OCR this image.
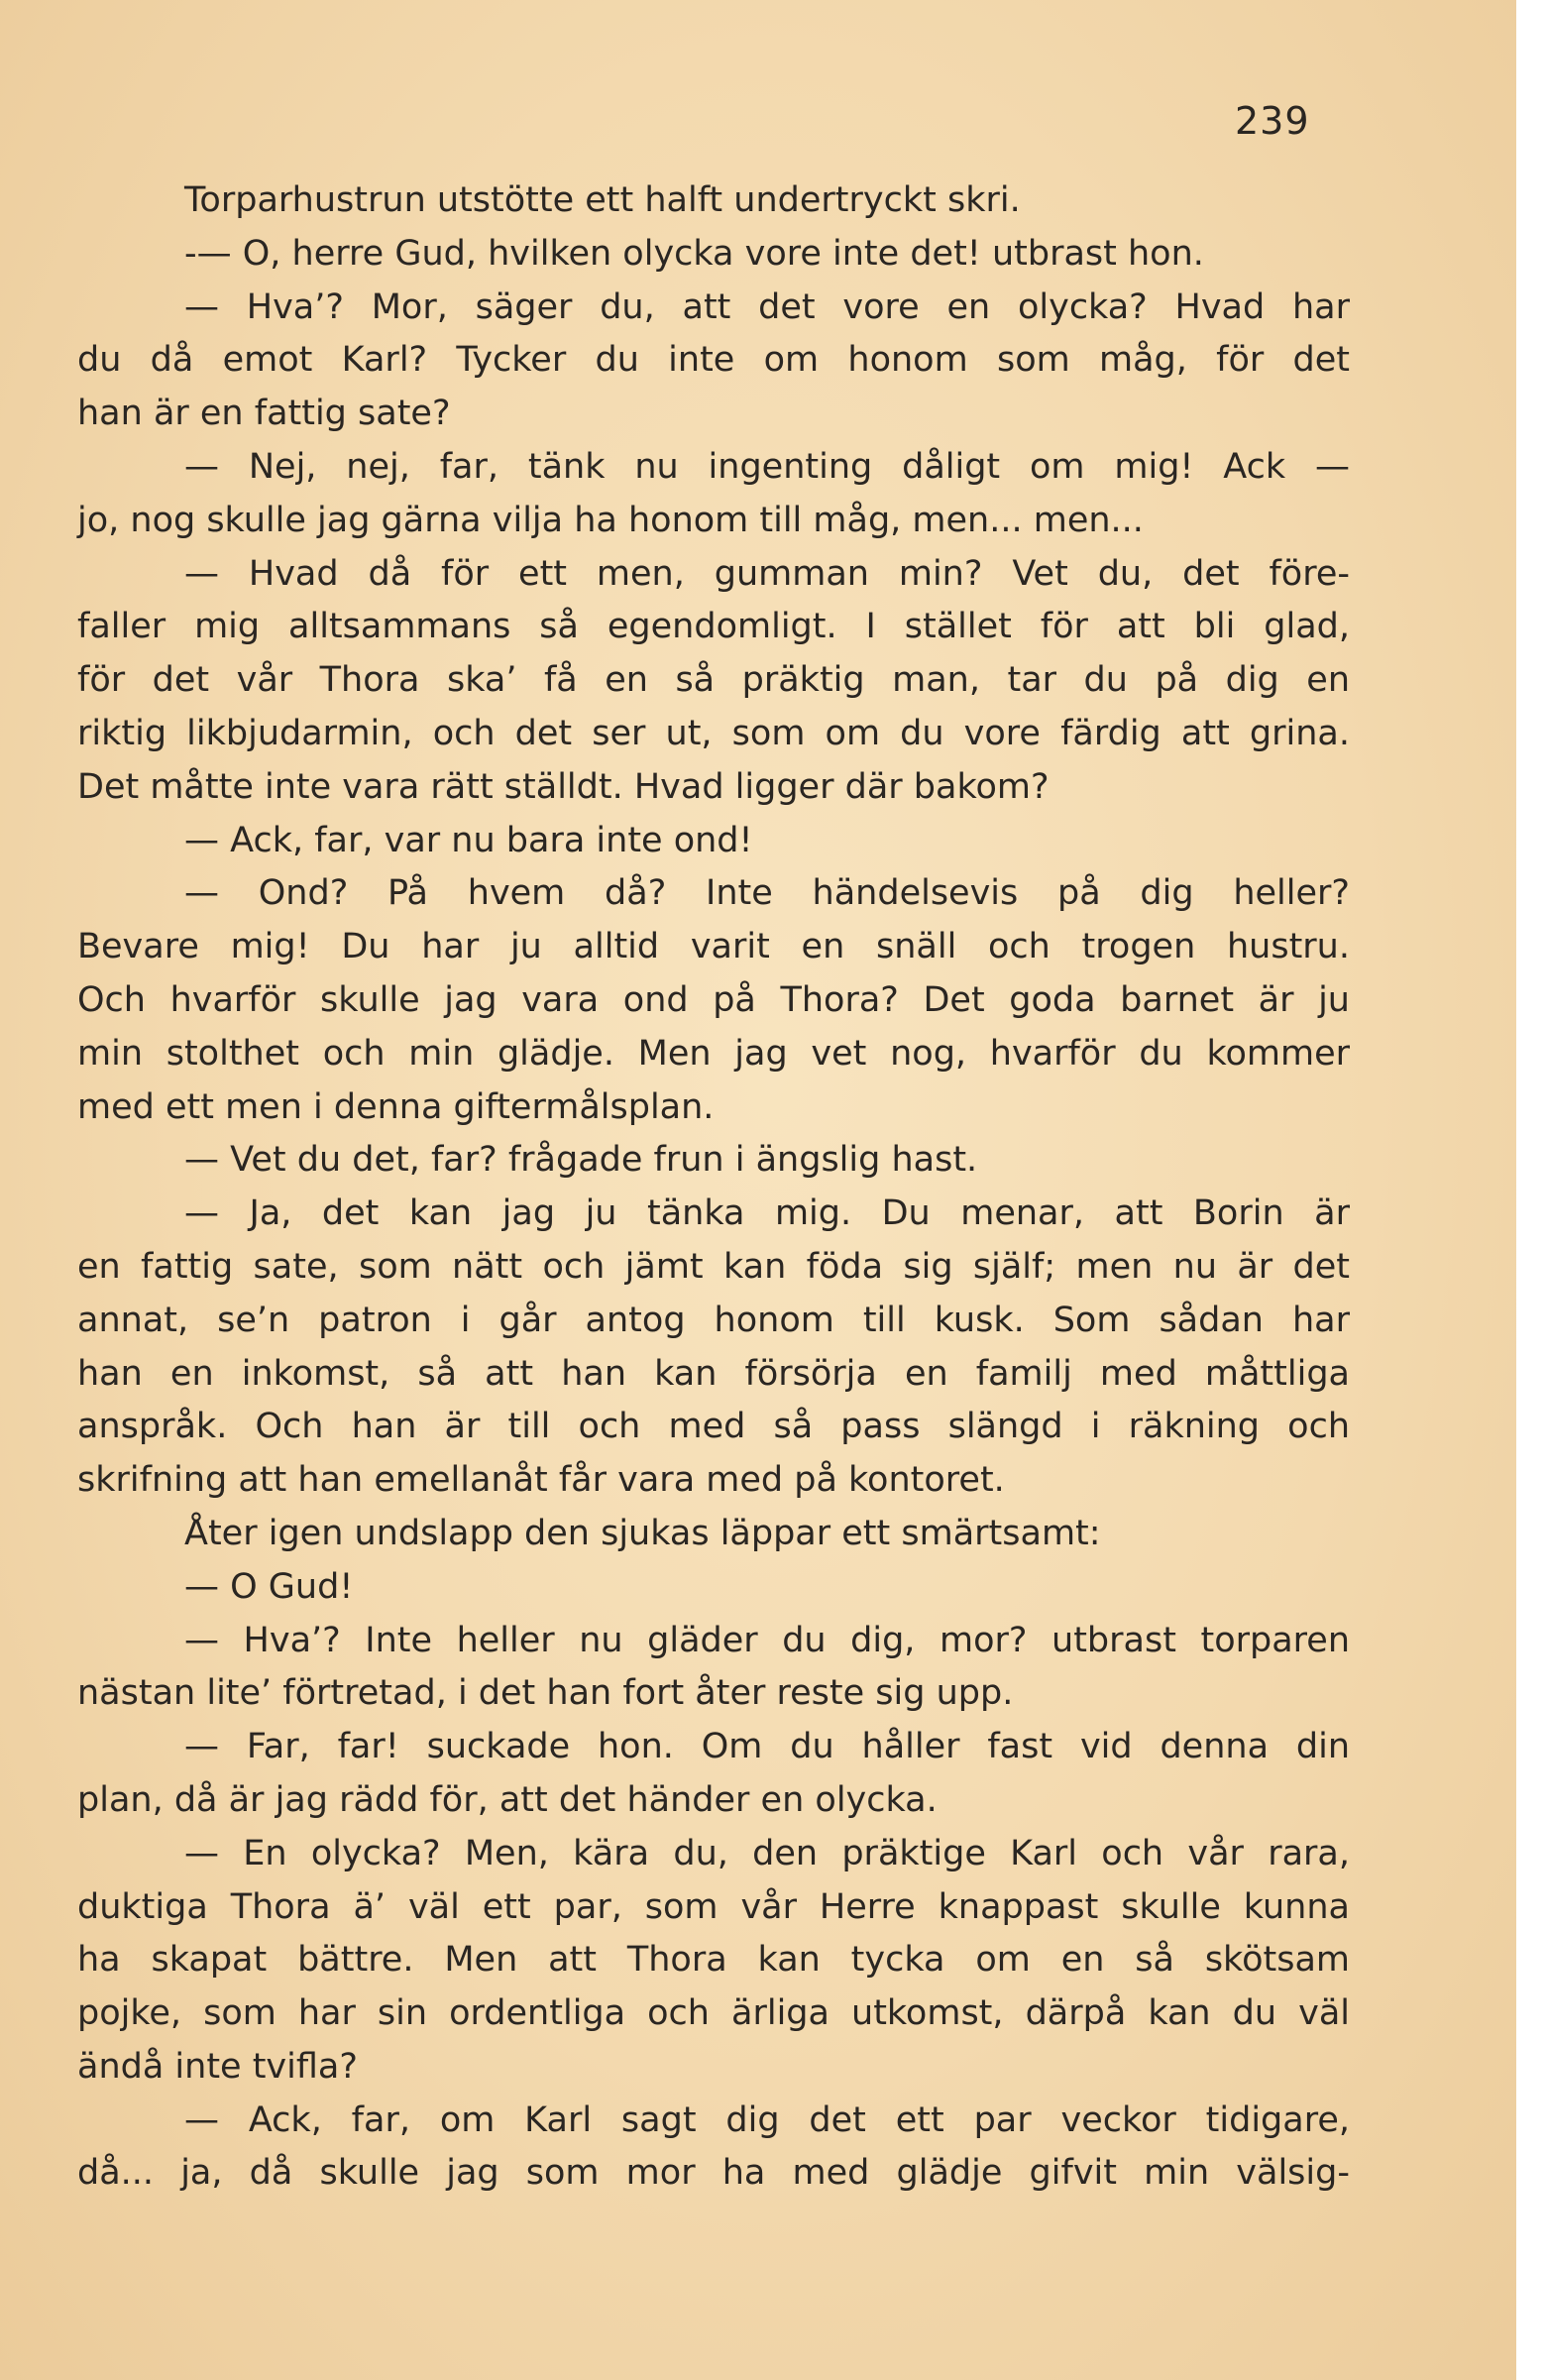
239
Torparhustrun utstötte ett halft undertryckt skri.
-— O, herre Gud, hvilken olycka vore inte det! utbrast hon.
— Hva’? Mor, säger du, att det vore en olycka? Hvad har
du då emot Karl? Tycker du inte om honom som måg, för det
han är en fattig sate?
— Nej, nej, far, tänk nu ingenting dåligt om mig! Ack —
jo, nog skulle jag gärna vilja ha honom till måg, men... men...
— Hvad då för ett men, gumman min? Vet du, det före-
faller mig alltsammans så egendomligt. I stället för att bli glad,
för det vår Thora ska’ få en så präktig man, tar du på dig en
riktig likbjudarmin, och det ser ut, som om du vore färdig att grina.
Det måtte inte vara rätt ställdt. Hvad ligger där bakom?
— Ack, far, var nu bara inte ond!
— Ond? På hvem då? Inte händelsevis på dig heller?
Bevare mig! Du har ju alltid varit en snäll och trogen hustru.
Och hvarför skulle jag vara ond på Thora? Det goda barnet är ju
min stolthet och min glädje. Men jag vet nog, hvarför du kommer
med ett men i denna giftermålsplan.
— Vet du det, far? frågade frun i ängslig hast.
— Ja, det kan jag ju tänka mig. Du menar, att Borin är
en fattig sate, som nätt och jämt kan föda sig själf; men nu är det
annat, se’n patron i går antog honom till kusk. Som sådan har
han en inkomst, så att han kan försörja en familj med måttliga
anspråk. Och han är till och med så pass slängd i räkning och
skrifning att han emellanåt får vara med på kontoret.
Åter igen undslapp den sjukas läppar ett smärtsamt:
— O Gud!
— Hva’? Inte heller nu gläder du dig, mor? utbrast torparen
nästan lite’ förtretad, i det han fort åter reste sig upp.
— Far, far! suckade hon. Om du håller fast vid denna din
plan, då är jag rädd för, att det händer en olycka.
— En olycka? Men, kära du, den präktige Karl och vår rara,
duktiga Thora ä’ väl ett par, som vår Herre knappast skulle kunna
ha skapat bättre. Men att Thora kan tycka om en så skötsam
pojke, som har sin ordentliga och ärliga utkomst, därpå kan du väl
ändå inte tvifla?
— Ack, far, om Karl sagt dig det ett par veckor tidigare,
då... ja, då skulle jag som mor ha med glädje gifvit min välsig-
